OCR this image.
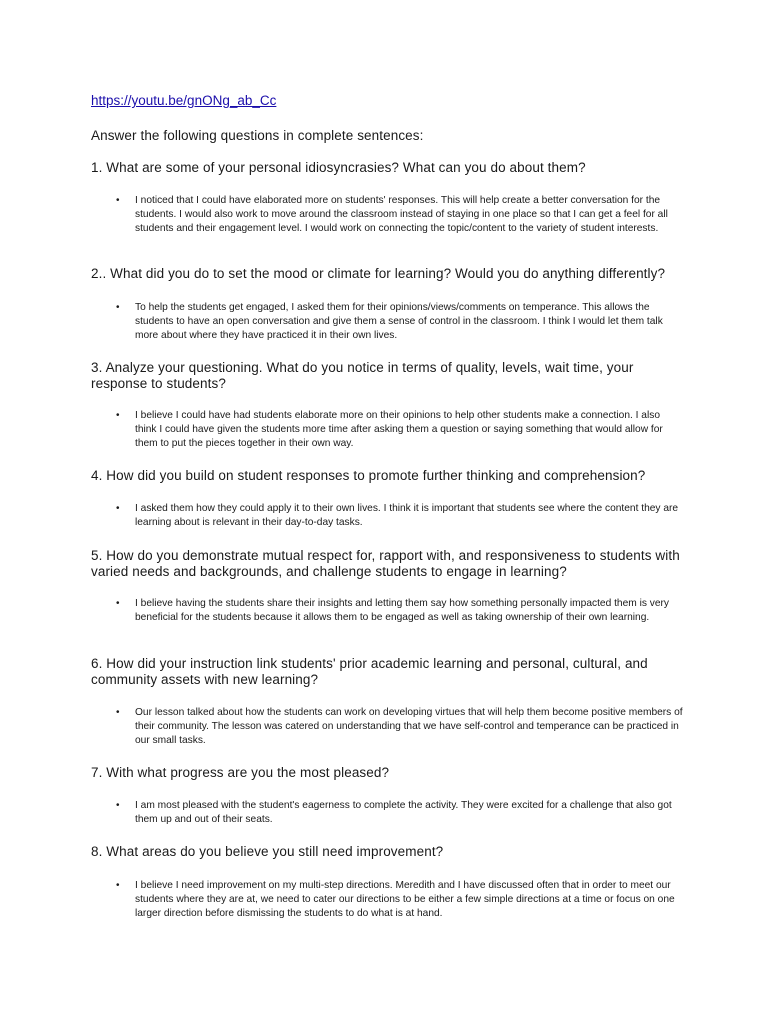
https://youtu.be/gnONg_ab_Cc
Answer the following questions in complete sentences:
1. What are some of your personal idiosyncrasies? What can you do about them?
• I noticed that I could have elaborated more on students' responses. This will help create a better conversation for the students. I would also work to move around the classroom instead of staying in one place so that I can get a feel for all students and their engagement level. I would work on connecting the topic/content to the variety of student interests.
2.. What did you do to set the mood or climate for learning? Would you do anything differently?
• To help the students get engaged, I asked them for their opinions/views/comments on temperance. This allows the students to have an open conversation and give them a sense of control in the classroom. I think I would let them talk more about where they have practiced it in their own lives.
3. Analyze your questioning. What do you notice in terms of quality, levels, wait time, your response to students?
• I believe I could have had students elaborate more on their opinions to help other students make a connection. I also think I could have given the students more time after asking them a question or saying something that would allow for them to put the pieces together in their own way.
4. How did you build on student responses to promote further thinking and comprehension?
• I asked them how they could apply it to their own lives. I think it is important that students see where the content they are learning about is relevant in their day-to-day tasks.
5. How do you demonstrate mutual respect for, rapport with, and responsiveness to students with varied needs and backgrounds, and challenge students to engage in learning?
• I believe having the students share their insights and letting them say how something personally impacted them is very beneficial for the students because it allows them to be engaged as well as taking ownership of their own learning.
6. How did your instruction link students' prior academic learning and personal, cultural, and community assets with new learning?
• Our lesson talked about how the students can work on developing virtues that will help them become positive members of their community. The lesson was catered on understanding that we have self-control and temperance can be practiced in our small tasks.
7. With what progress are you the most pleased?
• I am most pleased with the student's eagerness to complete the activity. They were excited for a challenge that also got them up and out of their seats.
8. What areas do you believe you still need improvement?
• I believe I need improvement on my multi-step directions. Meredith and I have discussed often that in order to meet our students where they are at, we need to cater our directions to be either a few simple directions at a time or focus on one larger direction before dismissing the students to do what is at hand.
